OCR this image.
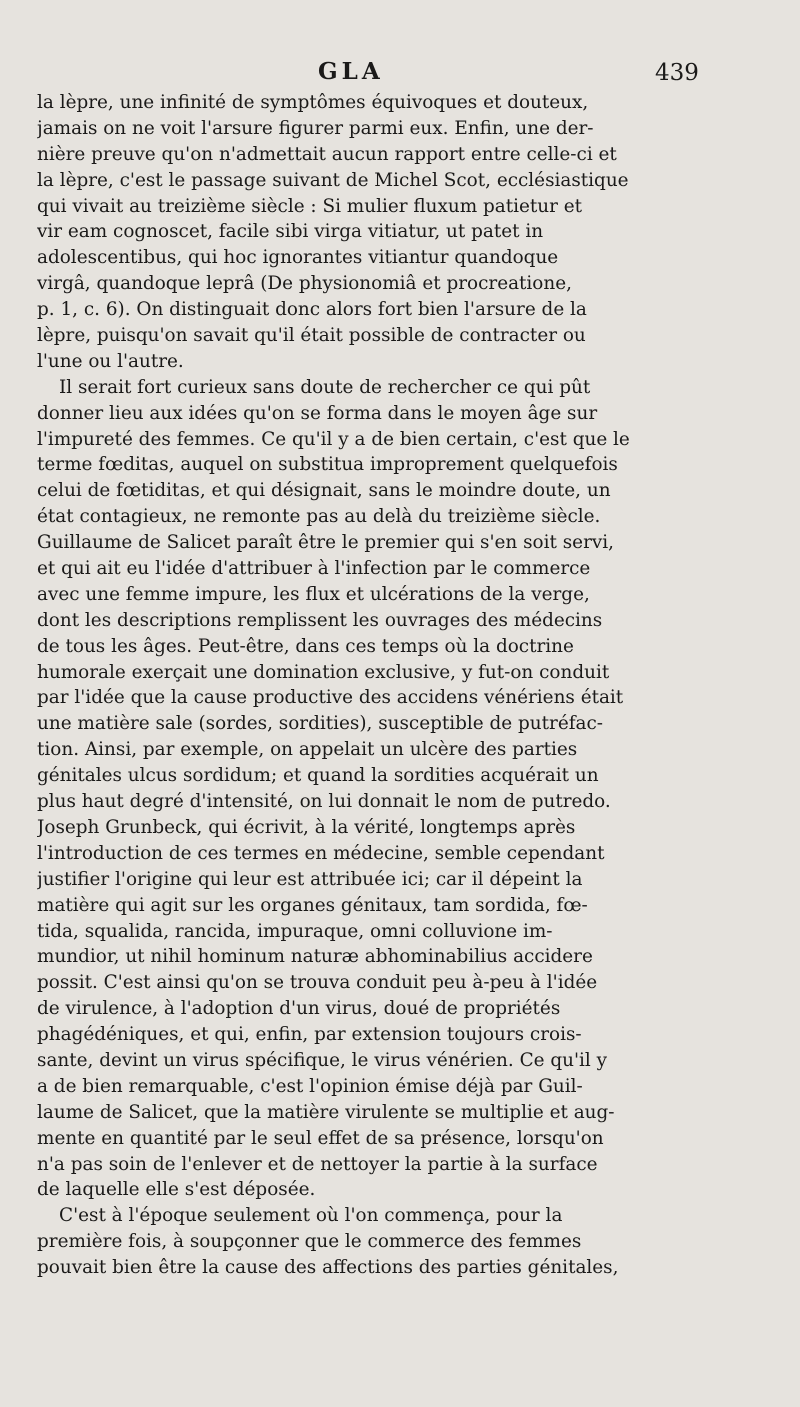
GLA	439
la lèpre, une infinité de symptômes équivoques et douteux,
jamais on ne voit l'arsure figurer parmi eux. Enfin, une der-
nière preuve qu'on n'admettait aucun rapport entre celle-ci et
la lèpre, c'est le passage suivant de Michel Scot, ecclésiastique
qui vivait au treizième siècle : Si mulier fluxum patietur et
vir eam cognoscet, facile sibi virga vitiatur, ut patet in
adolescentibus, qui hoc ignorantes vitiantur quandoque
virgâ, quandoque leprâ (De physionomiâ et procreatione,
p. 1, c. 6). On distinguait donc alors fort bien l'arsure de la
lèpre, puisqu'on savait qu'il était possible de contracter ou
l'une ou l'autre.
Il serait fort curieux sans doute de rechercher ce qui pût
donner lieu aux idées qu'on se forma dans le moyen âge sur
l'impureté des femmes. Ce qu'il y a de bien certain, c'est que le
terme fœditas, auquel on substitua improprement quelquefois
celui de fœtiditas, et qui désignait, sans le moindre doute, un
état contagieux, ne remonte pas au delà du treizième siècle.
Guillaume de Salicet paraît être le premier qui s'en soit servi,
et qui ait eu l'idée d'attribuer à l'infection par le commerce
avec une femme impure, les flux et ulcérations de la verge,
dont les descriptions remplissent les ouvrages des médecins
de tous les âges. Peut-être, dans ces temps où la doctrine
humorale exerçait une domination exclusive, y fut-on conduit
par l'idée que la cause productive des accidens vénériens était
une matière sale (sordes, sordities), susceptible de putréfac-
tion. Ainsi, par exemple, on appelait un ulcère des parties
génitales ulcus sordidum; et quand la sordities acquérait un
plus haut degré d'intensité, on lui donnait le nom de putredo.
Joseph Grunbeck, qui écrivit, à la vérité, longtemps après
l'introduction de ces termes en médecine, semble cependant
justifier l'origine qui leur est attribuée ici; car il dépeint la
matière qui agit sur les organes génitaux, tam sordida, fœ-
tida, squalida, rancida, impuraque, omni colluvione im-
mundior, ut nihil hominum naturæ abhominabilius accidere
possit. C'est ainsi qu'on se trouva conduit peu à-peu à l'idée
de virulence, à l'adoption d'un virus, doué de propriétés
phagédéniques, et qui, enfin, par extension toujours crois-
sante, devint un virus spécifique, le virus vénérien. Ce qu'il y
a de bien remarquable, c'est l'opinion émise déjà par Guil-
laume de Salicet, que la matière virulente se multiplie et aug-
mente en quantité par le seul effet de sa présence, lorsqu'on
n'a pas soin de l'enlever et de nettoyer la partie à la surface
de laquelle elle s'est déposée.
C'est à l'époque seulement où l'on commença, pour la
première fois, à soupçonner que le commerce des femmes
pouvait bien être la cause des affections des parties génitales,
